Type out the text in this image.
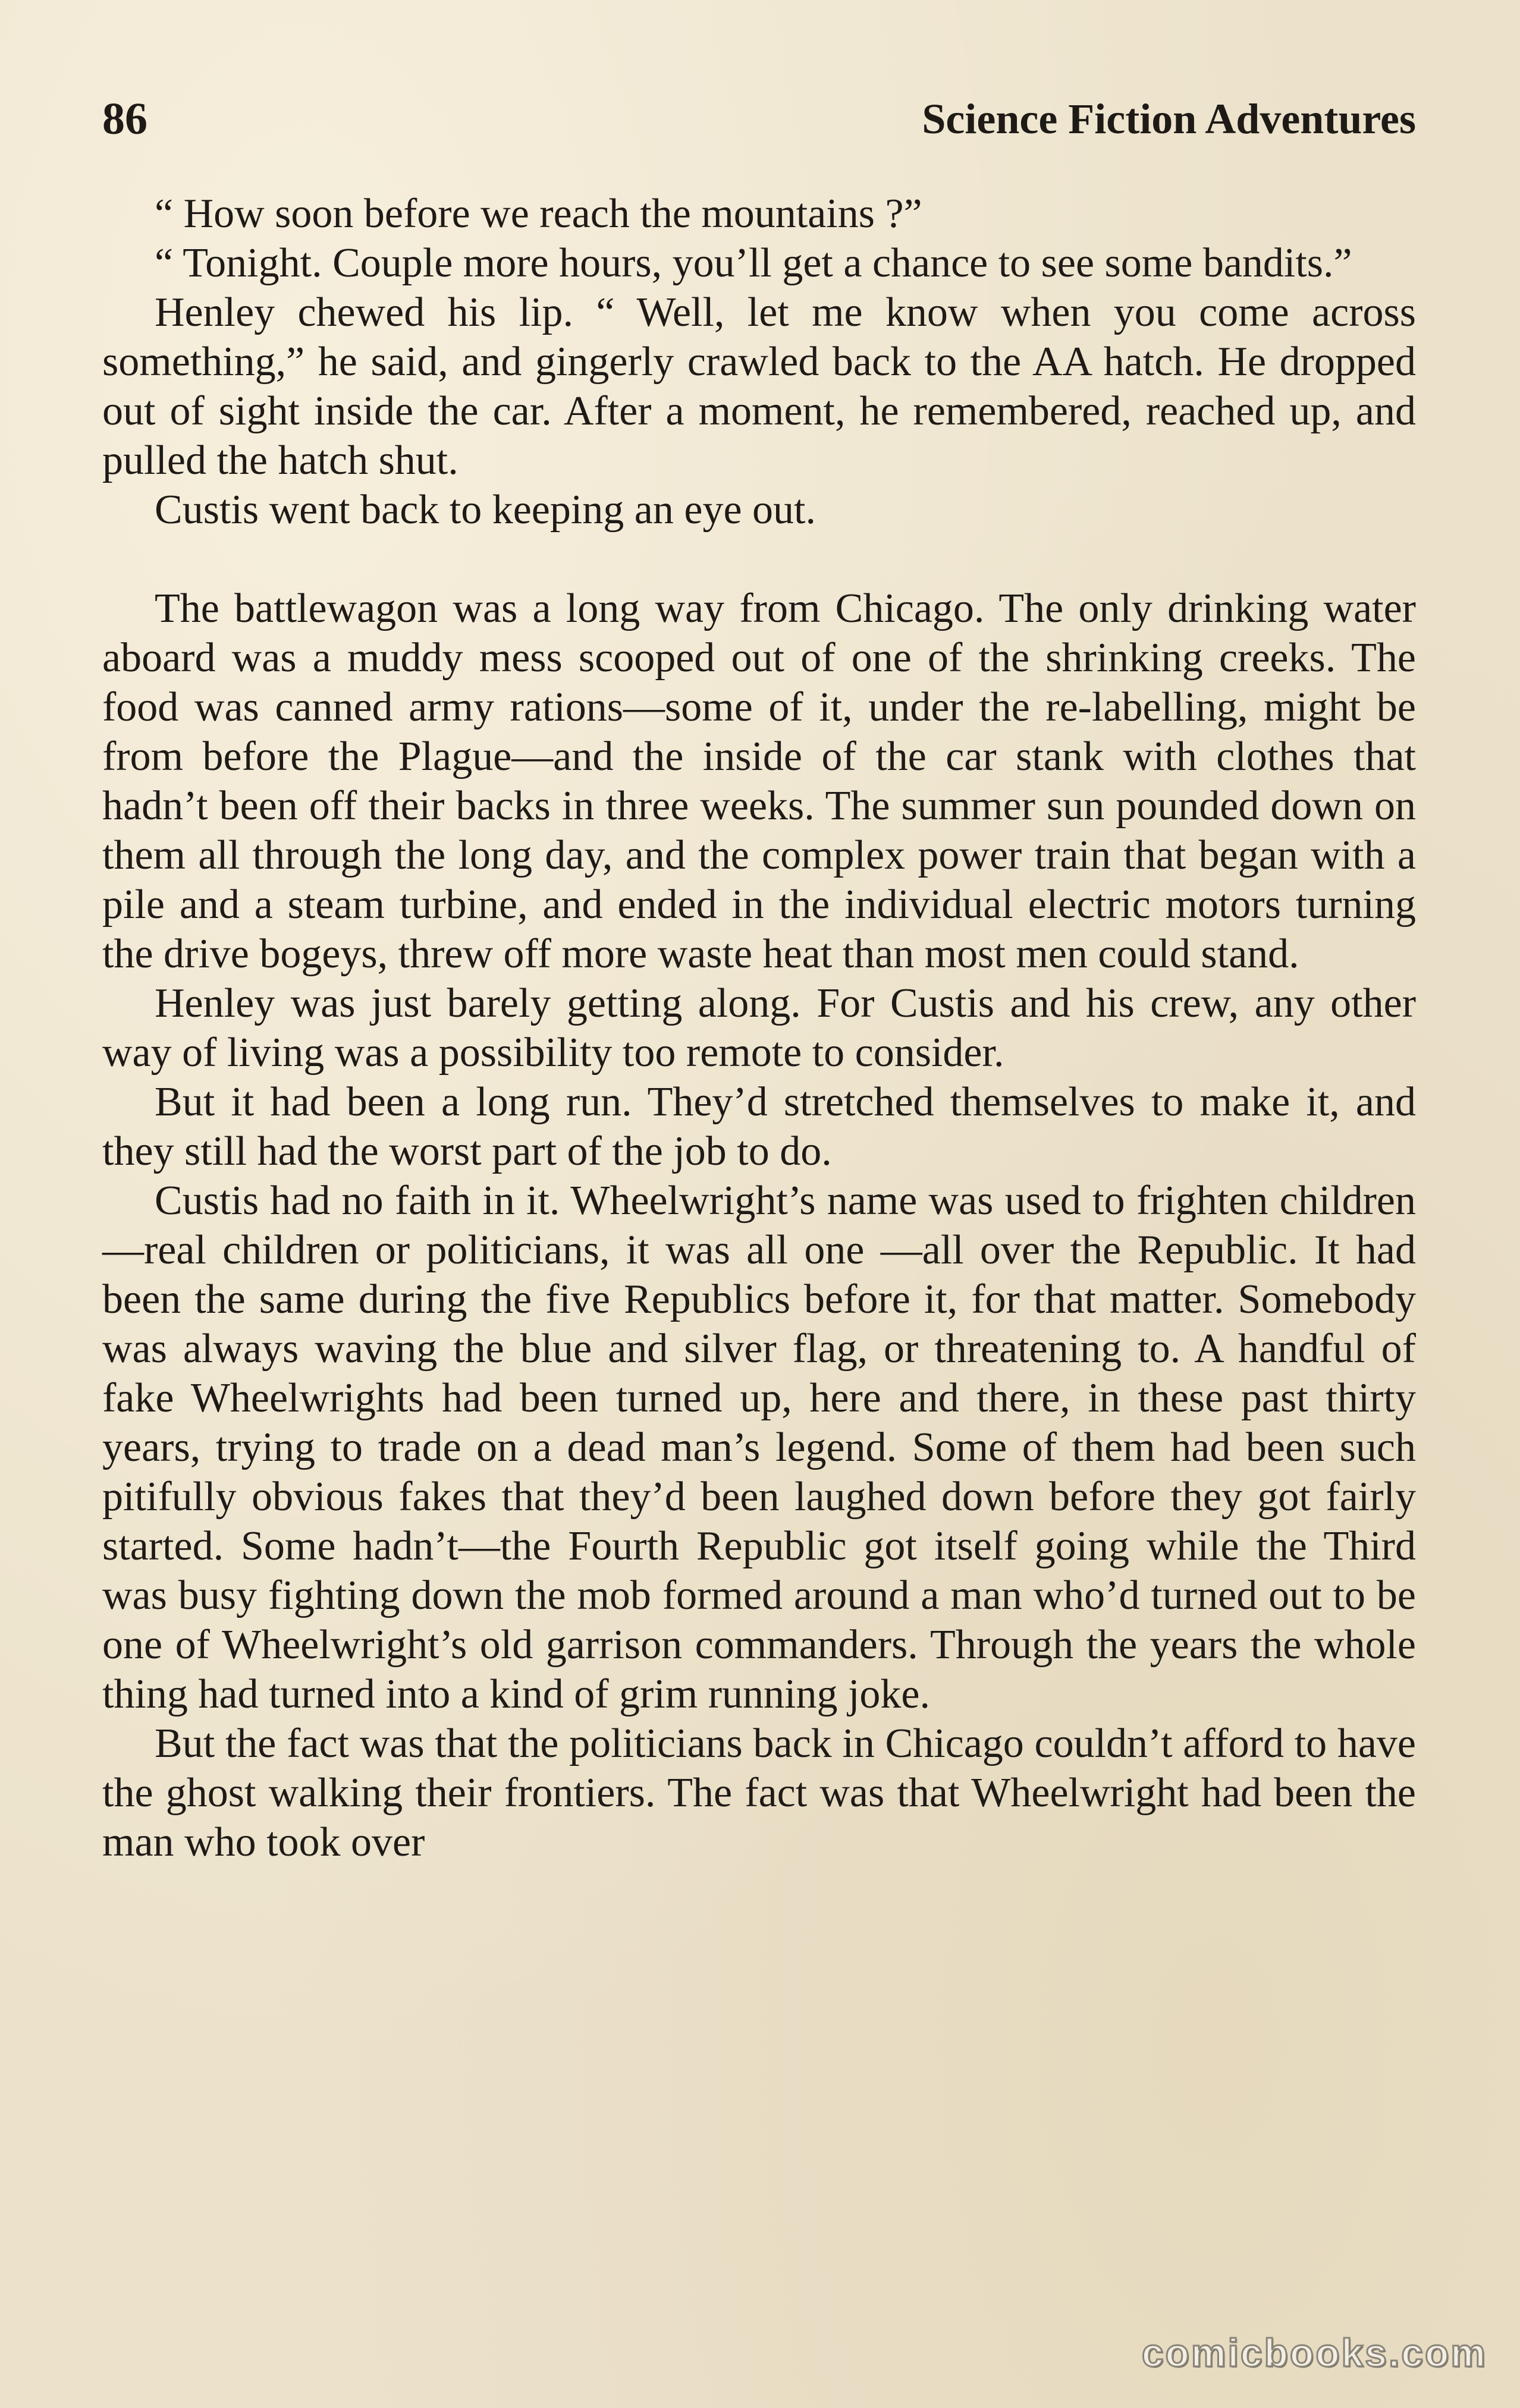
86	Science Fiction Adventures

“ How soon before we reach the mountains ?”

“ Tonight. Couple more hours, you’ll get a chance to see some bandits.”

Henley chewed his lip. “ Well, let me know when you come across something,” he said, and gingerly crawled back to the AA hatch. He dropped out of sight inside the car. After a moment, he remembered, reached up, and pulled the hatch shut.

Custis went back to keeping an eye out.

The battlewagon was a long way from Chicago. The only drinking water aboard was a muddy mess scooped out of one of the shrinking creeks. The food was canned army rations—some of it, under the re-labelling, might be from before the Plague—and the inside of the car stank with clothes that hadn’t been off their backs in three weeks. The summer sun pounded down on them all through the long day, and the complex power train that began with a pile and a steam turbine, and ended in the individual electric motors turning the drive bogeys, threw off more waste heat than most men could stand.

Henley was just barely getting along. For Custis and his crew, any other way of living was a possibility too remote to consider.

But it had been a long run. They’d stretched themselves to make it, and they still had the worst part of the job to do.

Custis had no faith in it. Wheelwright’s name was used to frighten children—real children or politicians, it was all one —all over the Republic. It had been the same during the five Republics before it, for that matter. Somebody was always waving the blue and silver flag, or threatening to. A handful of fake Wheelwrights had been turned up, here and there, in these past thirty years, trying to trade on a dead man’s legend. Some of them had been such pitifully obvious fakes that they’d been laughed down before they got fairly started. Some hadn’t—the Fourth Republic got itself going while the Third was busy fighting down the mob formed around a man who’d turned out to be one of Wheelwright’s old garrison commanders. Through the years the whole thing had turned into a kind of grim running joke.

But the fact was that the politicians back in Chicago couldn’t afford to have the ghost walking their frontiers. The fact was that Wheelwright had been the man who took over

comicbooks.com
